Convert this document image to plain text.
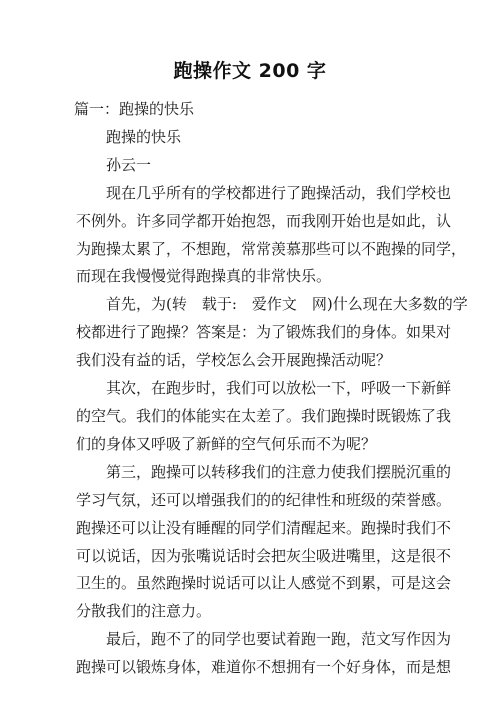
跑操作文 200 字
篇一：跑操的快乐
跑操的快乐
孙云一
现在几乎所有的学校都进行了跑操活动，我们学校也
不例外。许多同学都开始抱怨，而我刚开始也是如此，认
为跑操太累了，不想跑，常常羡慕那些可以不跑操的同学，
而现在我慢慢觉得跑操真的非常快乐。
首先，为(转　载于:　爱作文　网)什么现在大多数的学
校都进行了跑操？答案是：为了锻炼我们的身体。如果对
我们没有益的话，学校怎么会开展跑操活动呢？
其次，在跑步时，我们可以放松一下，呼吸一下新鲜
的空气。我们的体能实在太差了。我们跑操时既锻炼了我
们的身体又呼吸了新鲜的空气何乐而不为呢？
第三，跑操可以转移我们的注意力使我们摆脱沉重的
学习气氛，还可以增强我们的的纪律性和班级的荣誉感。
跑操还可以让没有睡醒的同学们清醒起来。跑操时我们不
可以说话，因为张嘴说话时会把灰尘吸进嘴里，这是很不
卫生的。虽然跑操时说话可以让人感觉不到累，可是这会
分散我们的注意力。
最后，跑不了的同学也要试着跑一跑，范文写作因为
跑操可以锻炼身体，难道你不想拥有一个好身体，而是想
